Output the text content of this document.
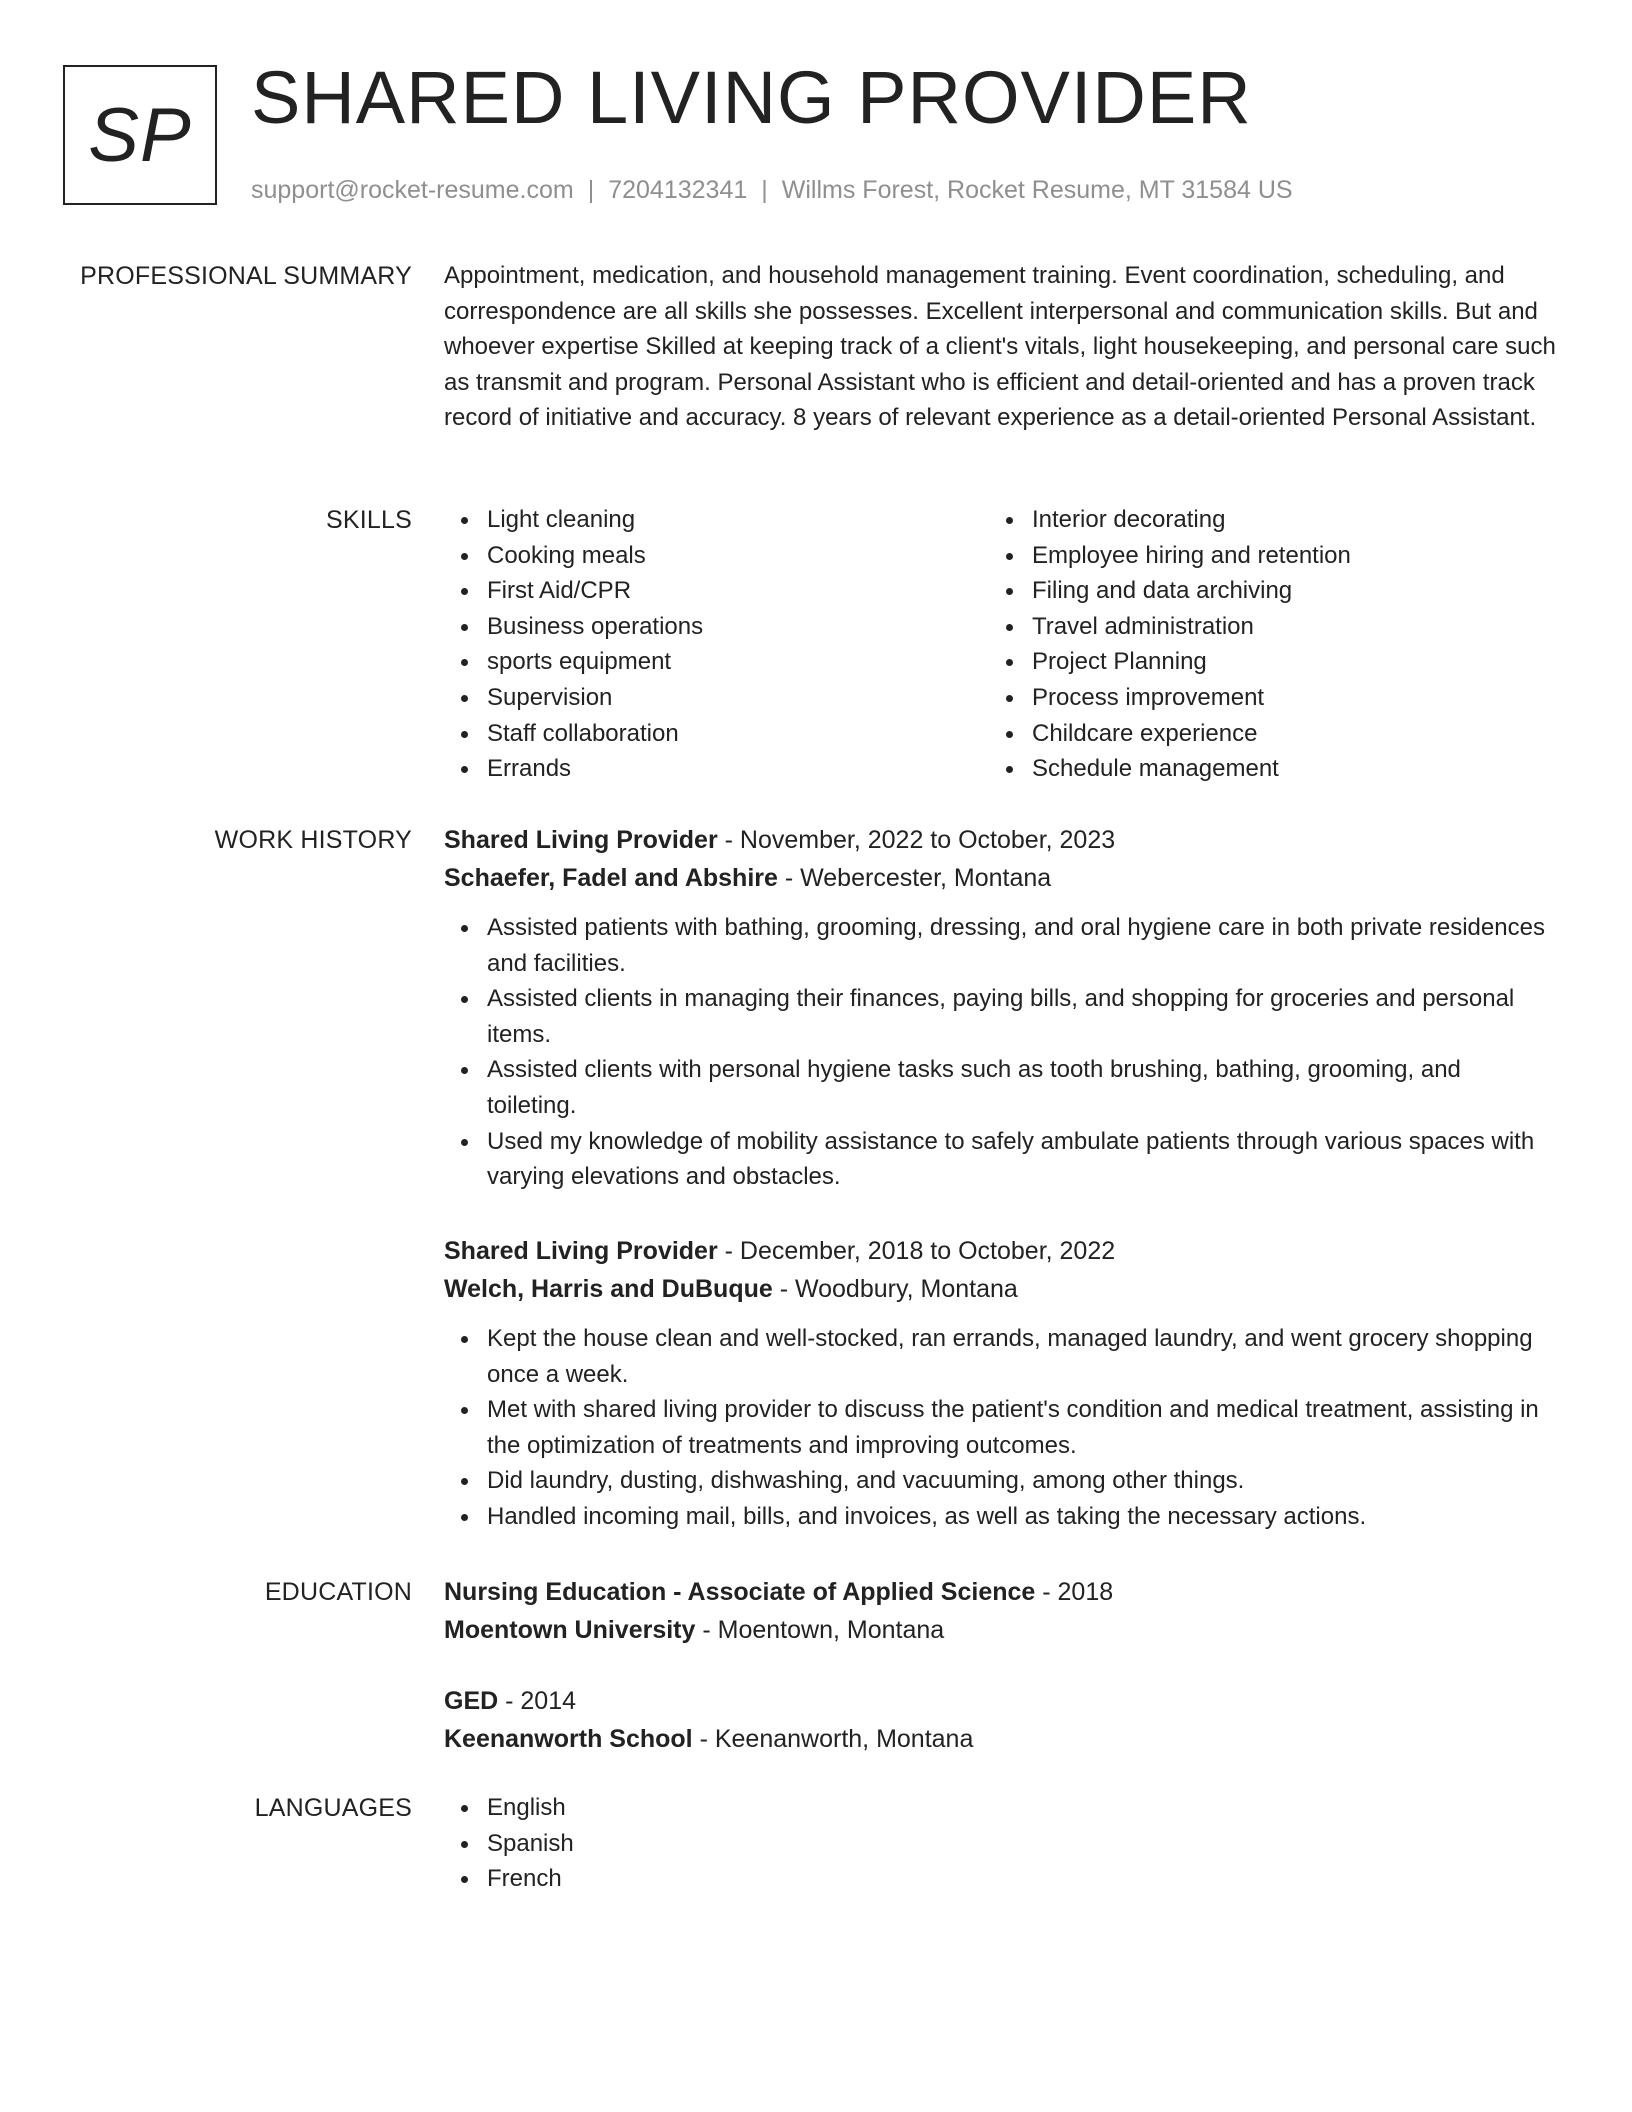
SP SHARED LIVING PROVIDER
support@rocket-resume.com | 7204132341 | Willms Forest, Rocket Resume, MT 31584 US
PROFESSIONAL SUMMARY Appointment, medication, and household management training. Event coordination, scheduling, and correspondence are all skills she possesses. Excellent interpersonal and communication skills. But and whoever expertise Skilled at keeping track of a client's vitals, light housekeeping, and personal care such as transmit and program. Personal Assistant who is efficient and detail-oriented and has a proven track record of initiative and accuracy. 8 years of relevant experience as a detail-oriented Personal Assistant.
SKILLS	Light cleaning
Cooking meals
First Aid/CPR
Business operations
sports equipment
Supervision
Staff collaboration
Errands
Interior decorating
Employee hiring and retention
Filing and data archiving
Travel administration
Project Planning
Process improvement
Childcare experience
Schedule management
WORK HISTORY Shared Living Provider - November, 2022 to October, 2023
Schaefer, Fadel and Abshire - Webercester, Montana
Assisted patients with bathing, grooming, dressing, and oral hygiene care in both private residences and facilities.
Assisted clients in managing their finances, paying bills, and shopping for groceries and personal items.
Assisted clients with personal hygiene tasks such as tooth brushing, bathing, grooming, and toileting.
Used my knowledge of mobility assistance to safely ambulate patients through various spaces with varying elevations and obstacles.
Shared Living Provider - December, 2018 to October, 2022
Welch, Harris and DuBuque - Woodbury, Montana
Kept the house clean and well-stocked, ran errands, managed laundry, and went grocery shopping once a week.
Met with shared living provider to discuss the patient's condition and medical treatment, assisting in the optimization of treatments and improving outcomes.
Did laundry, dusting, dishwashing, and vacuuming, among other things.
Handled incoming mail, bills, and invoices, as well as taking the necessary actions.
EDUCATION Nursing Education - Associate of Applied Science - 2018
Moentown University - Moentown, Montana
GED - 2014
Keenanworth School - Keenanworth, Montana
LANGUAGES	English
Spanish
French
